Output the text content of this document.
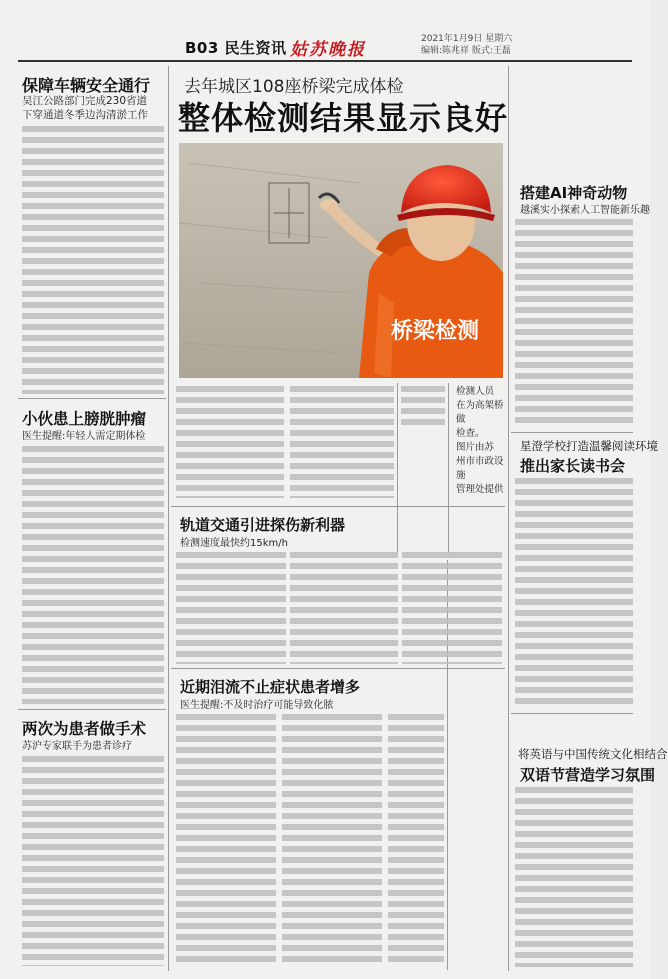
B03 民生资讯 姑苏晚报
2021年1月9日 星期六
编辑:陈兆祥 版式:王磊
保障车辆安全通行
吴江公路部门完成230省道
下穿通道冬季边沟清淤工作
小伙患上膀胱肿瘤
医生提醒:年轻人需定期体检
两次为患者做手术
苏沪专家联手为患者诊疗
去年城区108座桥梁完成体检
整体检测结果显示良好
桥梁检测
检测人员
在为高架桥做
检查。
图片由苏
州市市政设施
管理处提供
轨道交通引进探伤新利器
检测速度最快约15km/h
近期泪流不止症状患者增多
医生提醒:不及时治疗可能导致化脓
搭建AI神奇动物
越溪实小探索人工智能新乐趣
星澄学校打造温馨阅读环境
推出家长读书会
将英语与中国传统文化相结合
双语节营造学习氛围
